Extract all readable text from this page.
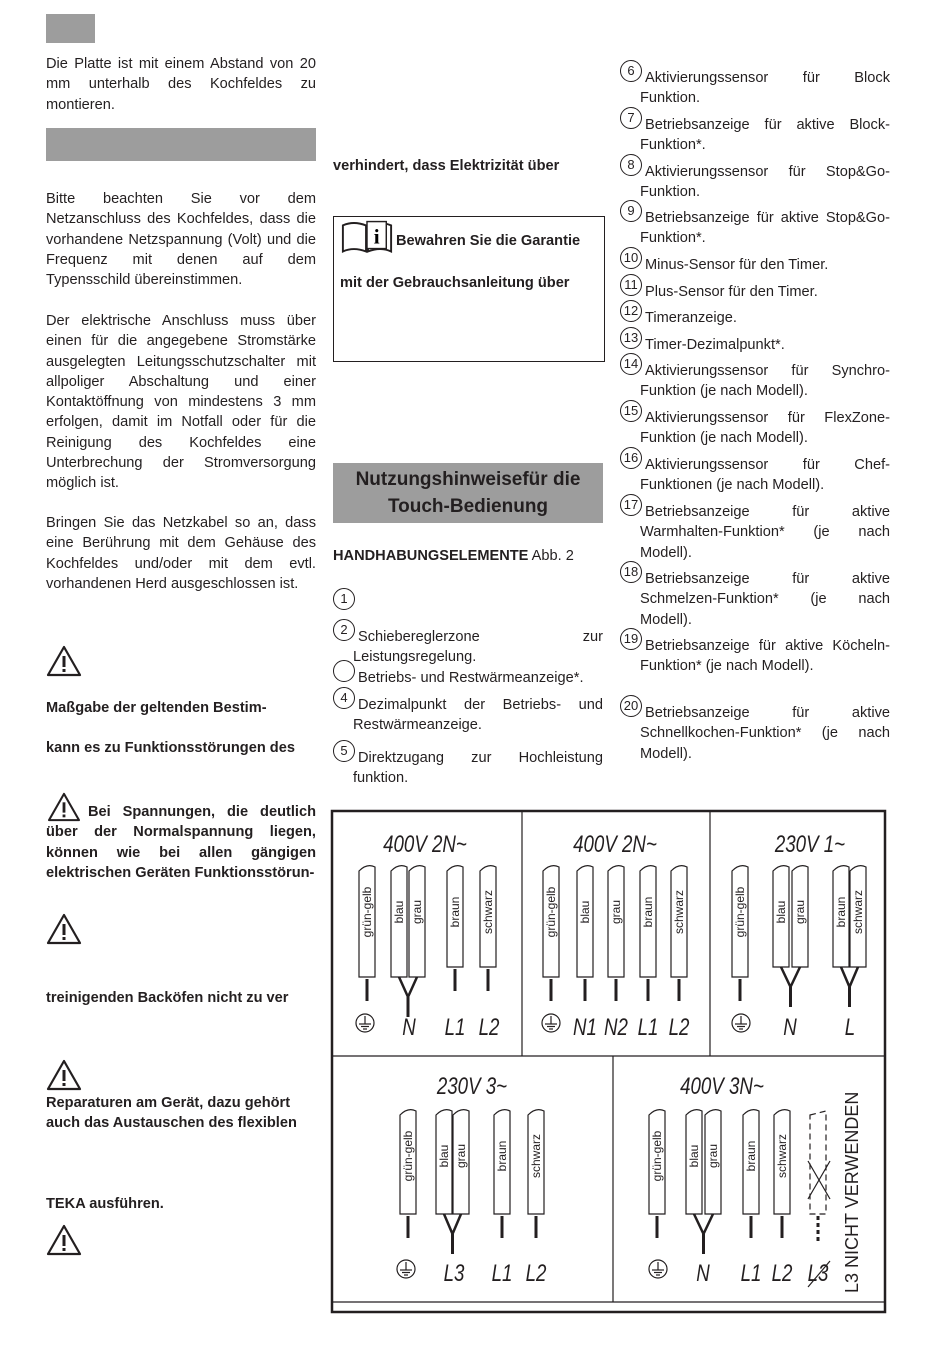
Die Platte ist mit einem Abstand von 20 mm unterhalb des Kochfeldes zu montieren.
Bitte beachten Sie vor dem Netzanschluss des Kochfeldes, dass die vorhandene Netzspannung (Volt) und die Frequenz mit denen auf dem Typensschild übereinstimmen.
Der elektrische Anschluss muss über einen für die angegebene Stromstärke ausgelegten Leitungsschutzschalter mit allpoliger Abschaltung und einer Kontaktöffnung von mindestens 3 mm erfolgen, damit im Notfall oder für die Reinigung des Kochfeldes eine Unterbrechung der Stromversorgung möglich ist.
Bringen Sie das Netzkabel so an, dass eine Berührung mit dem Gehäuse des Kochfeldes und/oder mit dem evtl. vorhandenen Herd ausgeschlossen ist.
Maßgabe der geltenden Bestim-
kann es zu Funktionsstörungen des
Bei Spannungen, die deutlich über der Normalspannung liegen, können wie bei allen gängigen elektrischen Geräten Funktionsstörun-
treinigenden Backöfen nicht zu ver
Reparaturen am Gerät, dazu gehört auch das Austauschen des flexiblen
TEKA ausführen.
verhindert, dass Elektrizität über
i Bewahren Sie die Garantie
mit der Gebrauchsanleitung über
Nutzungshinweisefür die Touch-Bedienung
HANDHABUNGSELEMENTE Abb. 2
1
2 Schiebereglerzone zur Leistungsregelung.
Betriebs- und Restwärmeanzeige*.
4 Dezimalpunkt der Betriebs- und Restwärmeanzeige.
5 Direktzugang zur Hochleistung funktion.
6 Aktivierungssensor für Block Funktion.
7 Betriebsanzeige für aktive Block-Funktion*.
8 Aktivierungssensor für Stop&Go-Funktion.
9 Betriebsanzeige für aktive Stop&Go-Funktion*.
10 Minus-Sensor für den Timer.
11 Plus-Sensor für den Timer.
12 Timeranzeige.
13 Timer-Dezimalpunkt*.
14 Aktivierungssensor für Synchro-Funktion (je nach Modell).
15 Aktivierungssensor für FlexZone-Funktion (je nach Modell).
16 Aktivierungssensor für Chef-Funktionen (je nach Modell).
17 Betriebsanzeige für aktive Warmhalten-Funktion* (je nach Modell).
18 Betriebsanzeige für aktive Schmelzen-Funktion* (je nach Modell).
19 Betriebsanzeige für aktive Köcheln-Funktion* (je nach Modell).
20 Betriebsanzeige für aktive Schnellkochen-Funktion* (je nach Modell).
400V 2N~
grün-gelb blau grau braun schwarz
N L1 L2
400V 2N~
grün-gelb blau grau braun schwarz
N1 N2 L1 L2
230V 1~
grün-gelb blau grau braun schwarz
N L
230V 3~
grün-gelb blau grau braun schwarz
L3 L1 L2
400V 3N~
grün-gelb blau grau braun schwarz
N L1 L2 L3 L3 NICHT VERWENDEN
